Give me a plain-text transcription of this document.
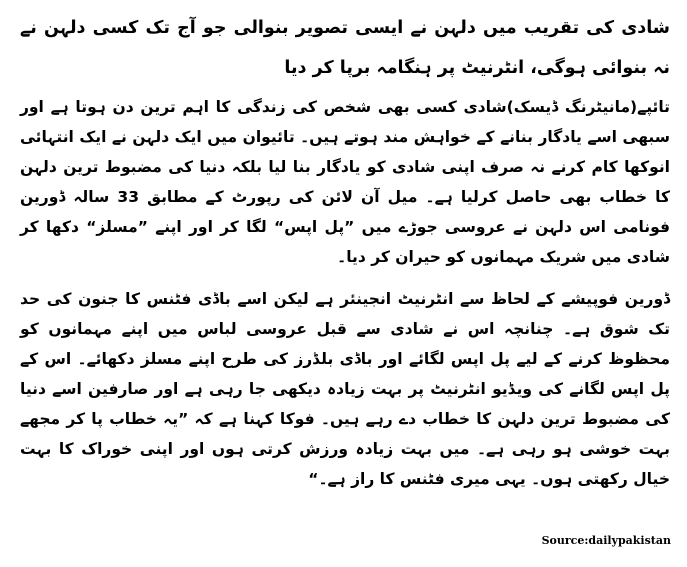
شادی کی تقریب میں دلہن نے ایسی تصویر بنوالی جو آج تک کسی دلہن نے نہ بنوائی ہوگی، انٹرنیٹ پر ہنگامہ برپا کر دیا

تائپے(مانیٹرنگ ڈیسک)شادی کسی بھی شخص کی زندگی کا اہم ترین دن ہوتا ہے اور سبھی اسے یادگار بنانے کے خواہش مند ہوتے ہیں۔ تائیوان میں ایک دلہن نے ایک انتہائی انوکھا کام کرنے نہ صرف اپنی شادی کو یادگار بنا لیا بلکہ دنیا کی مضبوط ترین دلہن کا خطاب بھی حاصل کرلیا ہے۔ میل آن لائن کی رپورٹ کے مطابق 33 سالہ ڈورین فونامی اس دلہن نے عروسی جوڑے میں ”پل اپس“ لگا کر اور اپنے ”مسلز“ دکھا کر شادی میں شریک مہمانوں کو حیران کر دیا۔

ڈورین فوپیشے کے لحاظ سے انٹرنیٹ انجینئر ہے لیکن اسے باڈی فٹنس کا جنون کی حد تک شوق ہے۔ چنانچہ اس نے شادی سے قبل عروسی لباس میں اپنے مہمانوں کو محظوظ کرنے کے لیے پل اپس لگائے اور باڈی بلڈرز کی طرح اپنے مسلز دکھائے۔ اس کے پل اپس لگانے کی ویڈیو انٹرنیٹ پر بہت زیادہ دیکھی جا رہی ہے اور صارفین اسے دنیا کی مضبوط ترین دلہن کا خطاب دے رہے ہیں۔ فوکا کہنا ہے کہ ”یہ خطاب پا کر مجھے بہت خوشی ہو رہی ہے۔ میں بہت زیادہ ورزش کرتی ہوں اور اپنی خوراک کا بہت خیال رکھتی ہوں۔ یہی میری فٹنس کا راز ہے۔“

Source:dailypakistan
